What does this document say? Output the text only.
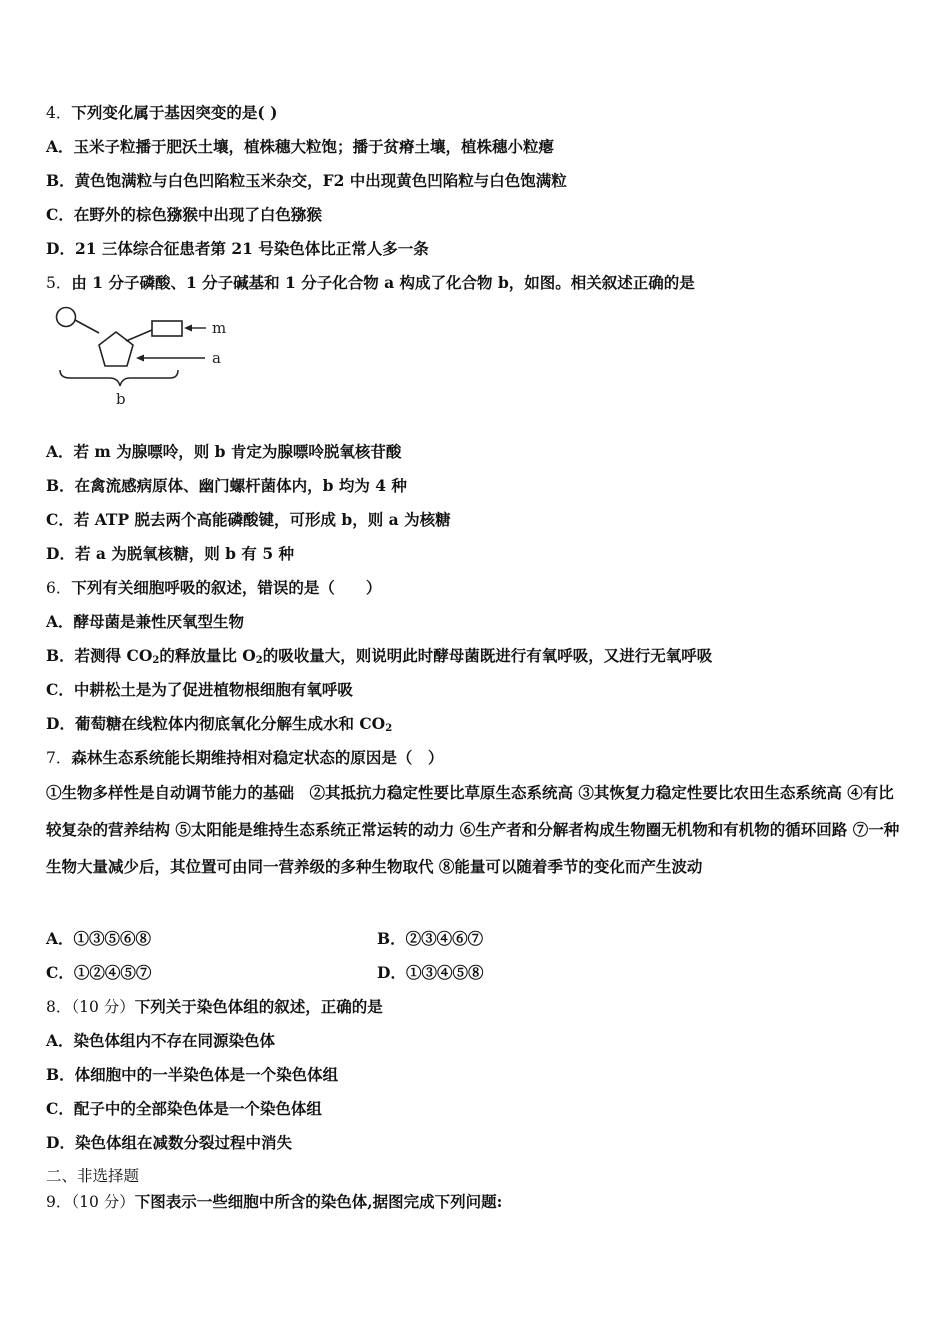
4．下列变化属于基因突变的是( )
A．玉米子粒播于肥沃土壤，植株穗大粒饱；播于贫瘠土壤，植株穗小粒瘪
B．黄色饱满粒与白色凹陷粒玉米杂交，F2 中出现黄色凹陷粒与白色饱满粒
C．在野外的棕色猕猴中出现了白色猕猴
D．21 三体综合征患者第 21 号染色体比正常人多一条
5．由 1 分子磷酸、1 分子碱基和 1 分子化合物 a 构成了化合物 b，如图。相关叙述正确的是
m
a
b
A．若 m 为腺嘌呤，则 b 肯定为腺嘌呤脱氧核苷酸
B．在禽流感病原体、幽门螺杆菌体内，b 均为 4 种
C．若 ATP 脱去两个高能磷酸键，可形成 b，则 a 为核糖
D．若 a 为脱氧核糖，则 b 有 5 种
6．下列有关细胞呼吸的叙述，错误的是（　　）
A．酵母菌是兼性厌氧型生物
B．若测得 $CO_2$的释放量比 $O_2$的吸收量大，则说明此时酵母菌既进行有氧呼吸，又进行无氧呼吸
C．中耕松土是为了促进植物根细胞有氧呼吸
D．葡萄糖在线粒体内彻底氧化分解生成水和 $CO_2$
7．森林生态系统能长期维持相对稳定状态的原因是（　）
①生物多样性是自动调节能力的基础　②其抵抗力稳定性要比草原生态系统高 ③其恢复力稳定性要比农田生态系统高 ④有比较复杂的营养结构 ⑤太阳能是维持生态系统正常运转的动力 ⑥生产者和分解者构成生物圈无机物和有机物的循环回路 ⑦一种生物大量减少后，其位置可由同一营养级的多种生物取代 ⑧能量可以随着季节的变化而产生波动
A．①③⑤⑥⑧	B．②③④⑥⑦
C．①②④⑤⑦	D．①③④⑤⑧
8．（10 分）下列关于染色体组的叙述，正确的是
A．染色体组内不存在同源染色体
B．体细胞中的一半染色体是一个染色体组
C．配子中的全部染色体是一个染色体组
D．染色体组在减数分裂过程中消失
二、非选择题
9．（10 分）下图表示一些细胞中所含的染色体,据图完成下列问题:
